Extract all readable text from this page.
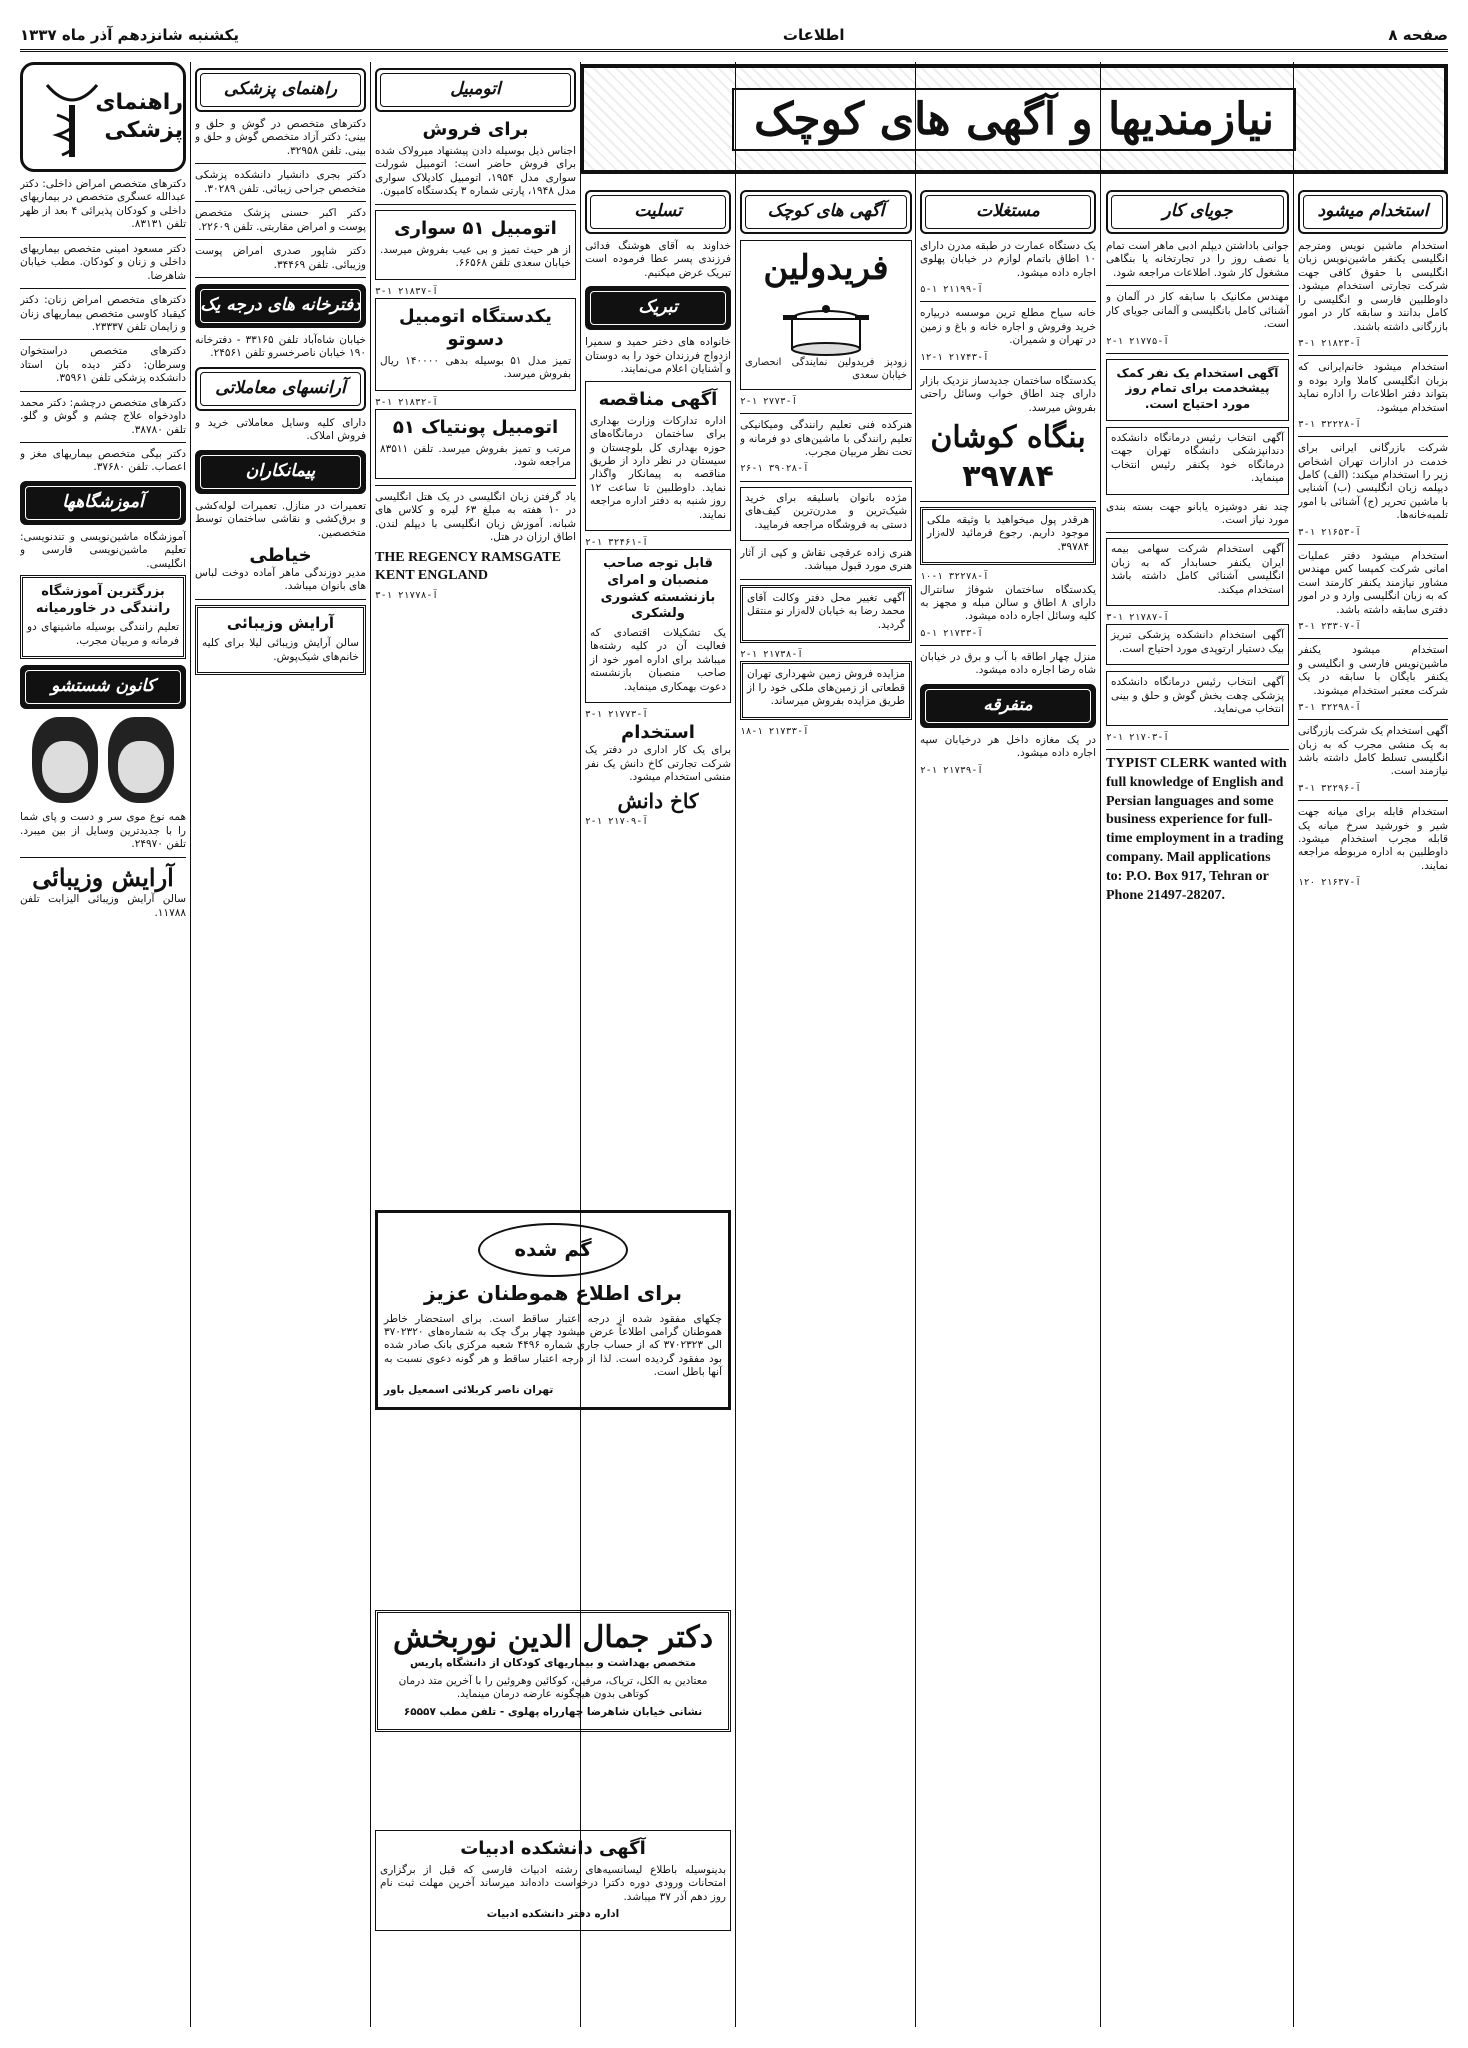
صفحه ۸
اطلاعات
یکشنبه شانزدهم آذر ماه ۱۳۳۷
نیازمندیها و آگهی های کوچک
استخدام میشود

استخدام ماشین نویس ومترجم انگلیسی یکنفر ماشین‌نویس زبان انگلیسی با حقوق کافی جهت شرکت تجارتی استخدام میشود. داوطلبین فارسی و انگلیسی را کامل بدانند و سابقه کار در امور بازرگانی داشته باشند.

۳-۱ آ-۲۱۸۲۳

استخدام میشود خانم‌ایرانی که بزبان انگلیسی کاملا وارد بوده و بتواند دفتر اطلاعات را اداره نماید استخدام میشود.

۳-۱ آ-۳۲۲۲۸

شرکت بازرگانی ایرانی برای خدمت در ادارات تهران اشخاص زیر را استخدام میکند: (الف) کامل دیپلمه زبان انگلیسی (ب) آشنایی با ماشین تحریر (ج) آشنائی با امور تلمبه‌خانه‌ها.

۳-۱ آ-۲۱۶۵۳

استخدام میشود دفتر عملیات امانی شرکت کمپسا کس مهندس مشاور نیازمند یکنفر کارمند است که به زبان انگلیسی وارد و در امور دفتری سابقه داشته باشد.

۳-۱ آ-۲۳۳۰۷

استخدام میشود یکنفر ماشین‌نویس فارسی و انگلیسی و یکنفر بایگان با سابقه در یک شرکت معتبر استخدام میشوند.

۳-۱ آ-۳۲۲۹۸

آگهی استخدام یک شرکت بازرگانی به یک منشی مجرب که به زبان انگلیسی تسلط کامل داشته باشد نیازمند است.

۳-۱ آ-۳۲۲۹۶

استخدام قابله برای میانه جهت شیر و خورشید سرخ میانه یک قابله مجرب استخدام میشود. داوطلبین به اداره مربوطه مراجعه نمایند.

۱۲۰ آ-۲۱۶۳۷
جویای کار

جوانی باداشتن دیپلم ادبی ماهر است تمام یا نصف روز را در تجارتخانه یا بنگاهی مشغول کار شود. اطلاعات مراجعه شود.

مهندس مکانیک با سابقه کار در آلمان و آشنائی کامل بانگلیسی و آلمانی جویای کار است.

۲-۱ آ-۲۱۷۷۵
آگهی استخدام یک نفر کمک پیشخدمت برای تمام روز مورد احتیاج است.

آگهی انتخاب رئیس درمانگاه دانشکده دندانپزشکی دانشگاه تهران جهت درمانگاه خود یکنفر رئیس انتخاب مینماید.

چند نفر دوشیزه یابانو جهت بسته بندی مورد نیاز است.

آگهی استخدام شرکت سهامی بیمه ایران یکنفر حسابدار که به زبان انگلیسی آشنائی کامل داشته باشد استخدام میکند.

۳-۱ آ-۲۱۷۸۷

آگهی استخدام دانشکده پزشکی تبریز بیک دستیار ارتوپدی مورد احتیاج است.

آگهی انتخاب رئیس درمانگاه دانشکده پزشکی ﭼهت بخش گوش و حلق و بینی انتخاب می‌نماید.

۲-۱ آ-۲۱۷۰۳

TYPIST CLERK wanted with full knowledge of English and Persian languages and some business experience for full-time employment in a trading company. Mail applications to: P.O. Box 917, Tehran or Phone 21497-28207.

مستغلات

یک دستگاه عمارت در طبقه مدرن دارای ۱۰ اطاق باتمام لوازم در خیابان پهلوی اجاره داده میشود.

۵-۱ آ-۲۱۱۹۹

خانه سیاح مطلع ترین موسسه دربیاره خرید وفروش و اجاره خانه و باغ و زمین در تهران و شمیران.

۱۲-۱ آ-۲۱۷۴۳

یکدستگاه ساختمان جدیدساز نزدیک بازار دارای چند اطاق خواب وسائل راحتی بفروش میرسد.

بنگاه کوشان
۳۹۷۸۴

هرقدر پول میخواهید با وثیقه ملکی موجود داریم. رجوع فرمائید لاله‌زار ۳۹۷۸۴.

۱۰-۱ آ-۳۲۲۷۸

یکدستگاه ساختمان شوفاژ سانترال دارای ۸ اطاق و سالن مبله و مجهز به کلیه وسائل اجاره داده میشود.

۵-۱ آ-۲۱۷۳۳

منزل چهار اطاقه با آب و برق در خیابان شاه رضا اجاره داده میشود.

متفرقه

در یک مغازه داخل هر درخیابان سپه اجاره داده میشود.

۲-۱ آ-۲۱۷۳۹
آگهی های کوچک
فریدولین
زودپز فریدولین نمایندگی انحصاری خیابان سعدی
۲-۱ آ-۲۷۷۳

هنرکده فنی تعلیم رانندگی ومیکانیکی تعلیم رانندگی با ماشین‌های دو فرمانه و تحت نظر مربیان مجرب.

۲۶-۱ آ-۳۹۰۲۸

مژده بانوان باسلیقه برای خرید شیک‌ترین و مدرن‌ترین کیف‌های دستی به فروشگاه مراجعه فرمایید.

هنری زاده عرقچی نقاش و کپی از آثار هنری مورد قبول میباشد.

آگهی تغییر محل دفتر وکالت آقای محمد رضا به خیابان لاله‌زار نو منتقل گردید.

۲-۱ آ-۲۱۷۳۸

مزایده فروش زمین شهرداری تهران قطعاتی از زمین‌های ملکی خود را از طریق مزایده بفروش میرساند.

۱۸-۱ آ-۲۱۷۳۳
تسلیت

خداوند به آقای هوشنگ فدائی فرزندی پسر عطا فرموده است تبریک عرض میکنیم.

تبریک

خانواده های دختر حمید و سمیرا ازدواج فرزندان خود را به دوستان و آشنایان اعلام می‌نمایند.

آگهی مناقصه

اداره تدارکات وزارت بهداری برای ساختمان درمانگاه‌های حوزه بهداری کل بلوچستان و سیستان در نظر دارد از طریق مناقصه به پیمانکار واگذار نماید. داوطلبین تا ساعت ۱۲ روز شنبه به دفتر اداره مراجعه نمایند.

۲-۱ آ-۳۲۴۶۱
قابل توجه صاحب منصبان و امرای بازنشسته کشوری ولشکری

یک تشکیلات اقتصادی که فعالیت آن در کلیه رشته‌ها میباشد برای اداره امور خود از صاحب منصبان بازنشسته دعوت بهمکاری مینماید.

۳-۱ آ-۲۱۷۷۳
استخدام

برای یک کار اداری در دفتر یک شرکت تجارتی کاخ دانش یک نفر منشی استخدام میشود.

کاخ دانش
۲-۱ آ-۲۱۷۰۹
اتومبیل
برای فروش

اجناس ذیل بوسیله دادن پیشنهاد میرولاک شده برای فروش حاضر است: اتومبیل شورلت سواری مدل ۱۹۵۴، اتومبیل کادیلاک سواری مدل ۱۹۴۸، پارتی شماره ۳ یکدستگاه کامیون.

اتومبیل ۵۱ سواری

از هر حیث تمیز و بی عیب بفروش میرسد. خیابان سعدی تلفن ۶۶۵۶۸.

۳-۱ آ-۲۱۸۳۷
یکدستگاه اتومبیل دسوتو

تمیز مدل ۵۱ بوسیله بدهی ۱۴۰۰۰۰ ریال بفروش میرسد.

۳-۱ آ-۲۱۸۳۲
اتومبیل پونتیاک ۵۱

مرتب و تمیز بفروش میرسد. تلفن ۸۳۵۱۱ مراجعه شود.

یاد گرفتن زبان انگلیسی در یک هتل انگلیسی در ۱۰ هفته به مبلغ ۶۳ لیره و کلاس های شبانه. آموزش زبان انگلیسی با دیپلم لندن. اطاق ارزان در هتل.

THE REGENCY RAMSGATE KENT ENGLAND

۳-۱ آ-۲۱۷۷۸
گم شده
برای اطلاع هموطنان عزیز

چکهای مفقود شده از درجه اعتبار ساقط است. برای استحضار خاطر هموطنان گرامی اطلاعاً عرض میشود چهار برگ چک به شماره‌های ۳۷۰۲۳۲۰ الی ۳۷۰۲۳۲۳ که از حساب جاری شماره ۴۴۹۶ شعبه مرکزی بانک صادر شده بود مفقود گردیده است. لذا از درجه اعتبار ساقط و هر گونه دعوی نسبت به آنها باطل است.

تهران ناصر کربلائی اسمعیل باور

دکتر جمال الدین نوربخش

متخصص بهداشت و بیماریهای کودکان از دانشگاه پاریس

معتادین به الکل، تریاک، مرفین، کوکائین وهروئین را با آخرین متد درمان کوتاهی بدون هیچگونه عارضه درمان مینماید.

نشانی خیابان شاهرضا چهارراه پهلوی - تلفن مطب ۶۵۵۵۷

آگهی دانشکده ادبیات

بدینوسیله باطلاع لیسانسیه‌های رشته ادبیات فارسی که قبل از برگزاری امتحانات ورودی دوره دکترا درخواست داده‌اند میرساند آخرین مهلت ثبت نام روز دهم آذر ۳۷ میباشد.

اداره دفتر دانشکده ادبیات

راهنمای پزشکی

دکترهای متخصص در گوش و حلق و بینی: دکتر آزاد متخصص گوش و حلق و بینی. تلفن ۳۲۹۵۸.

دکتر بجری دانشیار دانشکده پزشکی متخصص جراحی زیبائی. تلفن ۳۰۲۸۹.

دکتر اکبر حسنی پزشک متخصص پوست و امراض مقاربتی. تلفن ۲۲۶۰۹.

دکتر شاپور صدری امراض پوست وزیبائی. تلفن ۳۴۴۶۹.

دفترخانه های درجه یک

خیابان شاه‌آباد تلفن ۳۳۱۶۵ - دفترخانه ۱۹۰ خیابان ناصرخسرو تلفن ۲۴۵۶۱.

آرانسهای معاملاتی

دارای کلیه وسایل معاملاتی خرید و فروش املاک.

پیمانکاران

تعمیرات در منازل. تعمیرات لوله‌کشی و برق‌کشی و نقاشی ساختمان توسط متخصصین.

خیاطی

مدیر دوزندگی ماهر آماده دوخت لباس های بانوان میباشد.

آرایش وزیبائی

سالن آرایش وزیبائی لیلا برای کلیه خانم‌های شیک‌پوش.

راهنمای پزشکی

دکترهای متخصص امراض داخلی: دکتر عبدالله عسگری متخصص در بیماریهای داخلی و کودکان پذیرائی ۴ بعد از ظهر تلفن ۸۳۱۳۱.

دکتر مسعود امینی متخصص بیماریهای داخلی و زنان و کودکان. مطب خیابان شاهرضا.

دکترهای متخصص امراض زنان: دکتر کیقباد کاوسی متخصص بیماریهای زنان و زایمان تلفن ۲۳۳۳۷.

دکترهای متخصص دراستخوان وسرطان: دکتر دیده بان استاد دانشکده پزشکی تلفن ۳۵۹۶۱.

دکترهای متخصص درچشم: دکتر محمد داودخواه علاج چشم و گوش و گلو. تلفن ۳۸۷۸۰.

دکتر بیگی متخصص بیماریهای مغز و اعصاب. تلفن ۳۷۶۸۰.

آموزشگاهها

آموزشگاه ماشین‌نویسی و تندنویسی: تعلیم ماشین‌نویسی فارسی و انگلیسی.

بزرگترین آموزشگاه رانندگی در خاورمیانه

تعلیم رانندگی بوسیله ماشینهای دو فرمانه و مربیان مجرب.

کانون شستشو

همه نوع موی سر و دست و پای شما را با جدیدترین وسایل از بین میبرد. تلفن ۲۴۹۷۰.

آرایش وزیبائی

سالن آرایش وزیبائی الیزابت تلفن ۱۱۷۸۸.
